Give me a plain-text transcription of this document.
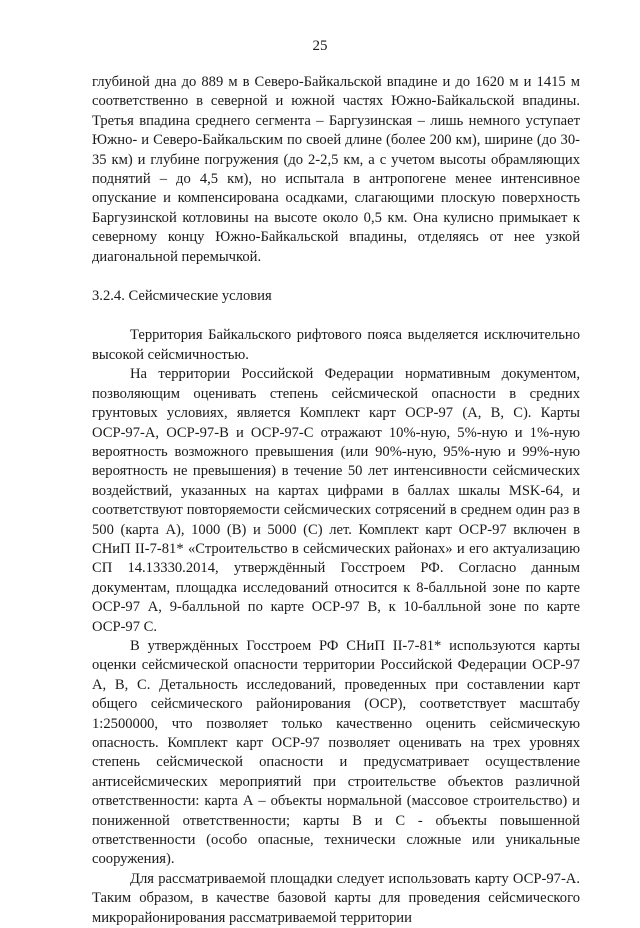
25

глубиной дна до 889 м в Северо-Байкальской впадине и до 1620 м и 1415 м соответственно в северной и южной частях Южно-Байкальской впадины. Третья впадина среднего сегмента – Баргузинская – лишь немного уступает Южно- и Северо-Байкальским по своей длине (более 200 км), ширине (до 30-35 км) и глубине погружения (до 2-2,5 км, а с учетом высоты обрамляющих поднятий – до 4,5 км), но испытала в антропогене менее интенсивное опускание и компенсирована осадками, слагающими плоскую поверхность Баргузинской котловины на высоте около 0,5 км. Она кулисно примыкает к северному концу Южно-Байкальской впадины, отделяясь от нее узкой диагональной перемычкой.

3.2.4. Сейсмические условия

Территория Байкальского рифтового пояса выделяется исключительно высокой сейсмичностью.

На территории Российской Федерации нормативным документом, позволяющим оценивать степень сейсмической опасности в средних грунтовых условиях, является Комплект карт ОСР-97 (А, В, С). Карты ОСР-97-А, ОСР-97-В и ОСР-97-С отражают 10%-ную, 5%-ную и 1%-ную вероятность возможного превышения (или 90%-ную, 95%-ную и 99%-ную вероятность не превышения) в течение 50 лет интенсивности сейсмических воздействий, указанных на картах цифрами в баллах шкалы MSK-64, и соответствуют повторяемости сейсмических сотрясений в среднем один раз в 500 (карта А), 1000 (В) и 5000 (С) лет. Комплект карт ОСР-97 включен в СНиП II-7-81* «Строительство в сейсмических районах» и его актуализацию СП 14.13330.2014, утверждённый Госстроем РФ. Согласно данным документам, площадка исследований относится к 8-балльной зоне по карте ОСР-97 А, 9-балльной по карте ОСР-97 В, к 10-балльной зоне по карте ОСР-97 С.

В утверждённых Госстроем РФ СНиП II-7-81* используются карты оценки сейсмической опасности территории Российской Федерации ОСР-97 А, В, С. Детальность исследований, проведенных при составлении карт общего сейсмического районирования (ОСР), соответствует масштабу 1:2500000, что позволяет только качественно оценить сейсмическую опасность. Комплект карт ОСР-97 позволяет оценивать на трех уровнях степень сейсмической опасности и предусматривает осуществление антисейсмических мероприятий при строительстве объектов различной ответственности: карта А – объекты нормальной (массовое строительство) и пониженной ответственности; карты В и С - объекты повышенной ответственности (особо опасные, технически сложные или уникальные сооружения).

Для рассматриваемой площадки следует использовать карту ОСР-97-А. Таким образом, в качестве базовой карты для проведения сейсмического микрорайонирования рассматриваемой территории
